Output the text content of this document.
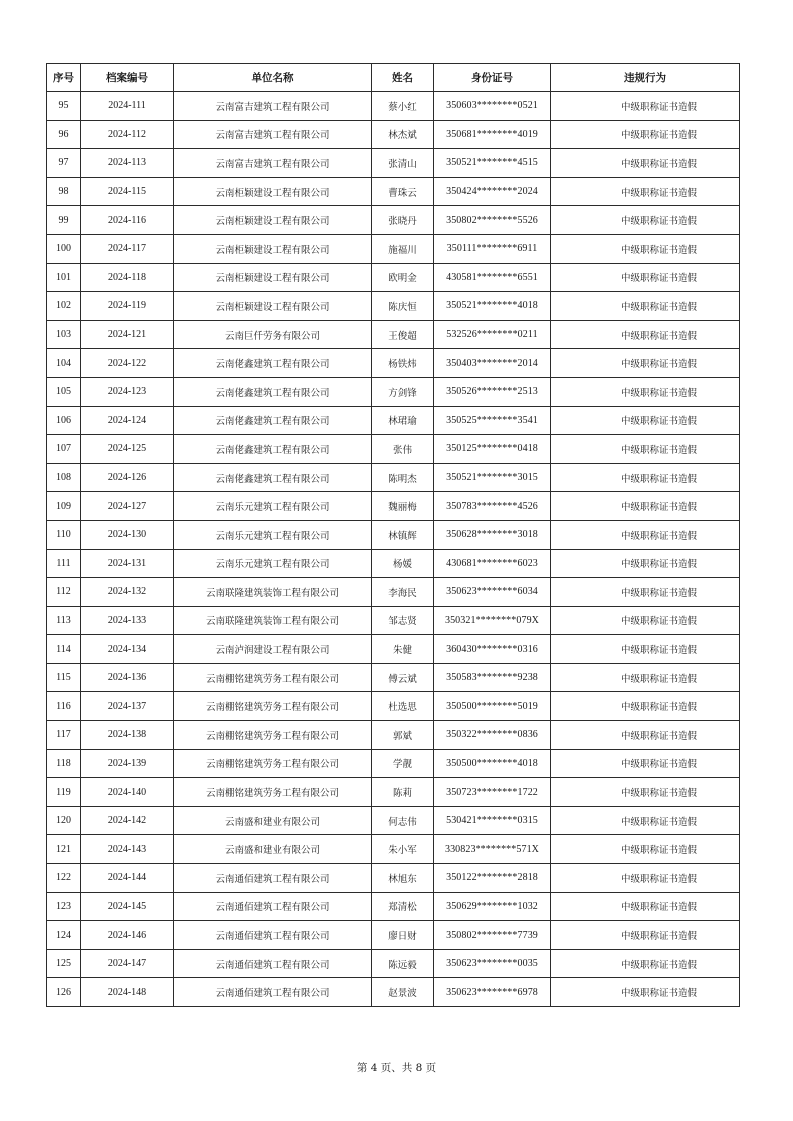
序号	档案编号	单位名称	姓名	身份证号	违规行为
95	2024-111	云南富吉建筑工程有限公司	蔡小红	350603********0521	中级职称证书造假
96	2024-112	云南富吉建筑工程有限公司	林杰斌	350681********4019	中级职称证书造假
97	2024-113	云南富吉建筑工程有限公司	张清山	350521********4515	中级职称证书造假
98	2024-115	云南柜颖建设工程有限公司	曹珠云	350424********2024	中级职称证书造假
99	2024-116	云南柜颖建设工程有限公司	张晓丹	350802********5526	中级职称证书造假
100	2024-117	云南柜颖建设工程有限公司	施福川	350111********6911	中级职称证书造假
101	2024-118	云南柜颖建设工程有限公司	欧明金	430581********6551	中级职称证书造假
102	2024-119	云南柜颖建设工程有限公司	陈庆恒	350521********4018	中级职称证书造假
103	2024-121	云南巨仟劳务有限公司	王俊超	532526********0211	中级职称证书造假
104	2024-122	云南佬鑫建筑工程有限公司	杨铁炜	350403********2014	中级职称证书造假
105	2024-123	云南佬鑫建筑工程有限公司	方剑锋	350526********2513	中级职称证书造假
106	2024-124	云南佬鑫建筑工程有限公司	林珺瑜	350525********3541	中级职称证书造假
107	2024-125	云南佬鑫建筑工程有限公司	张伟	350125********0418	中级职称证书造假
108	2024-126	云南佬鑫建筑工程有限公司	陈明杰	350521********3015	中级职称证书造假
109	2024-127	云南乐元建筑工程有限公司	魏丽梅	350783********4526	中级职称证书造假
110	2024-130	云南乐元建筑工程有限公司	林镇辉	350628********3018	中级职称证书造假
111	2024-131	云南乐元建筑工程有限公司	杨媛	430681********6023	中级职称证书造假
112	2024-132	云南联隆建筑装饰工程有限公司	李海民	350623********6034	中级职称证书造假
113	2024-133	云南联隆建筑装饰工程有限公司	邹志贤	350321********079X	中级职称证书造假
114	2024-134	云南泸润建设工程有限公司	朱健	360430********0316	中级职称证书造假
115	2024-136	云南棚铭建筑劳务工程有限公司	傅云斌	350583********9238	中级职称证书造假
116	2024-137	云南棚铭建筑劳务工程有限公司	杜选思	350500********5019	中级职称证书造假
117	2024-138	云南棚铭建筑劳务工程有限公司	郭斌	350322********0836	中级职称证书造假
118	2024-139	云南棚铭建筑劳务工程有限公司	学靓	350500********4018	中级职称证书造假
119	2024-140	云南棚铭建筑劳务工程有限公司	陈莉	350723********1722	中级职称证书造假
120	2024-142	云南盛和建业有限公司	何志伟	530421********0315	中级职称证书造假
121	2024-143	云南盛和建业有限公司	朱小军	330823********571X	中级职称证书造假
122	2024-144	云南通佰建筑工程有限公司	林旭东	350122********2818	中级职称证书造假
123	2024-145	云南通佰建筑工程有限公司	郑清松	350629********1032	中级职称证书造假
124	2024-146	云南通佰建筑工程有限公司	廖日财	350802********7739	中级职称证书造假
125	2024-147	云南通佰建筑工程有限公司	陈远毅	350623********0035	中级职称证书造假
126	2024-148	云南通佰建筑工程有限公司	赵景波	350623********6978	中级职称证书造假
第 4 页、共 8 页
